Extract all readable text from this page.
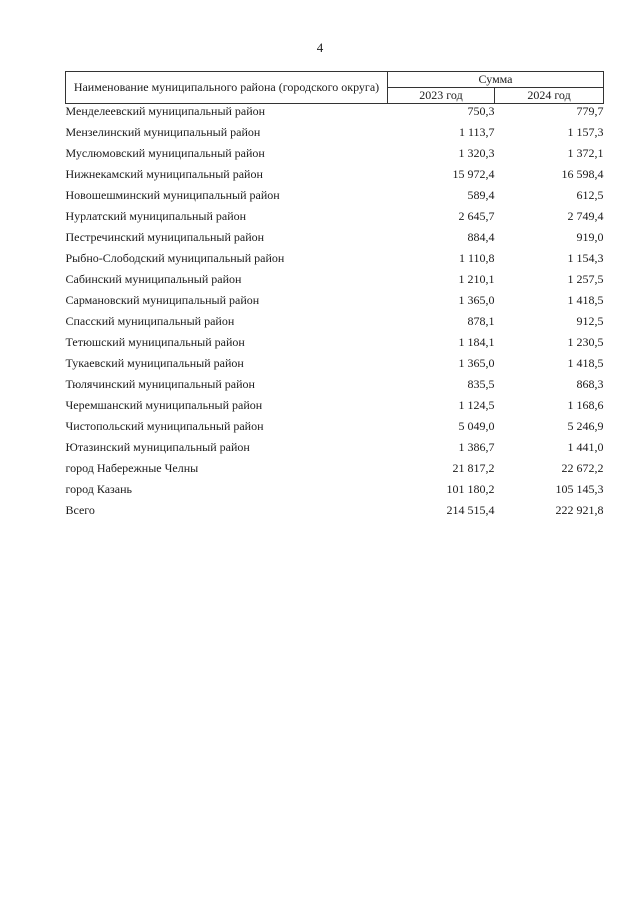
4
Наименование муниципального района (городского округа)	Сумма	
	2023 год	2024 год
Менделеевский муниципальный район	750,3	779,7
Мензелинский муниципальный район	1 113,7	1 157,3
Муслюмовский муниципальный район	1 320,3	1 372,1
Нижнекамский муниципальный район	15 972,4	16 598,4
Новошешминский муниципальный район	589,4	612,5
Нурлатский муниципальный район	2 645,7	2 749,4
Пестречинский муниципальный район	884,4	919,0
Рыбно-Слободский муниципальный район	1 110,8	1 154,3
Сабинский муниципальный район	1 210,1	1 257,5
Сармановский муниципальный район	1 365,0	1 418,5
Спасский муниципальный район	878,1	912,5
Тетюшский муниципальный район	1 184,1	1 230,5
Тукаевский муниципальный район	1 365,0	1 418,5
Тюлячинский муниципальный район	835,5	868,3
Черемшанский муниципальный район	1 124,5	1 168,6
Чистопольский муниципальный район	5 049,0	5 246,9
Ютазинский муниципальный район	1 386,7	1 441,0
город Набережные Челны	21 817,2	22 672,2
город Казань	101 180,2	105 145,3
Всего	214 515,4	222 921,8
